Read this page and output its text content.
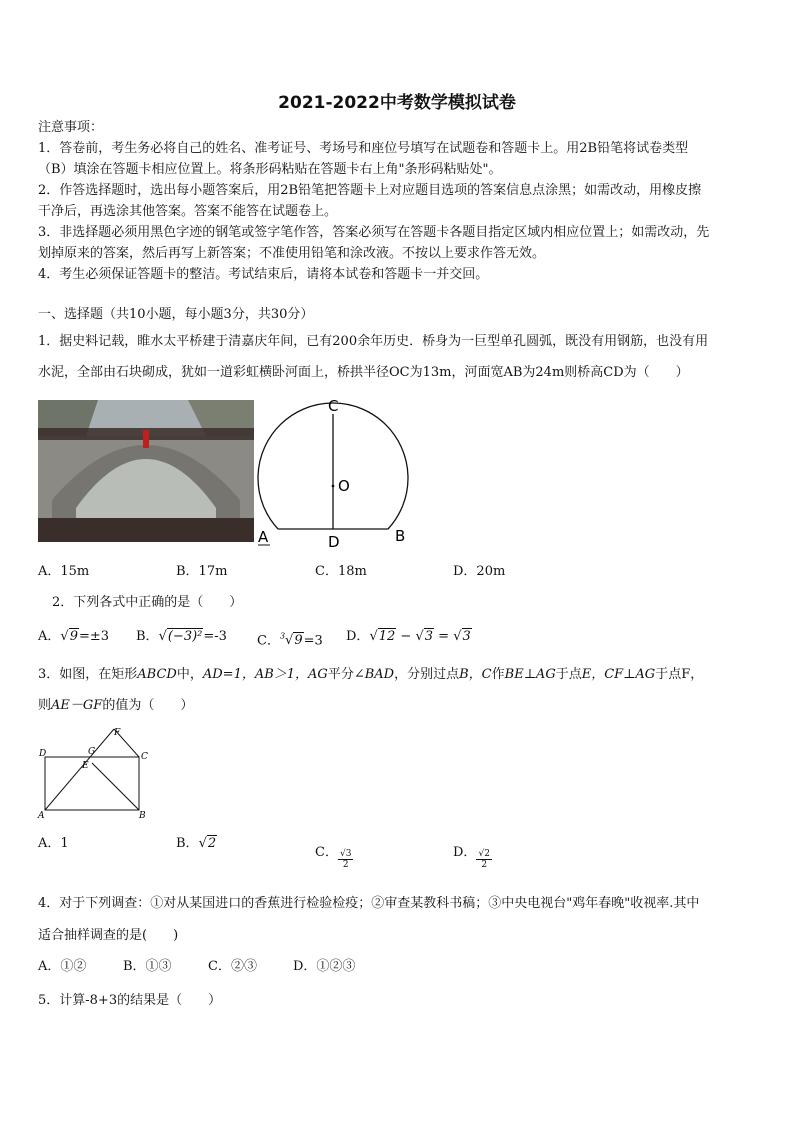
2021-2022中考数学模拟试卷
注意事项：
1．答卷前，考生务必将自己的姓名、准考证号、考场号和座位号填写在试题卷和答题卡上。用2B铅笔将试卷类型
（B）填涂在答题卡相应位置上。将条形码粘贴在答题卡右上角"条形码粘贴处"。
2．作答选择题时，选出每小题答案后，用2B铅笔把答题卡上对应题目选项的答案信息点涂黑；如需改动，用橡皮擦
干净后，再选涂其他答案。答案不能答在试题卷上。
3．非选择题必须用黑色字迹的钢笔或签字笔作答，答案必须写在答题卡各题目指定区域内相应位置上；如需改动，先
划掉原来的答案，然后再写上新答案；不准使用铅笔和涂改液。不按以上要求作答无效。
4．考生必须保证答题卡的整洁。考试结束后，请将本试卷和答题卡一并交回。
一、选择题（共10小题，每小题3分，共30分）
1．据史料记载，睢水太平桥建于清嘉庆年间，已有200余年历史．桥身为一巨型单孔圆弧，既没有用钢筋，也没有用
水泥，全部由石块砌成，犹如一道彩虹横卧河面上，桥拱半径OC为13m，河面宽AB为24m则桥高CD为（　　）
C
O
A	D	B
A．15m	B．17m	C．18m	D．20m
2．下列各式中正确的是（　　）
A．√9=±3 B．√(−3)²=-3 C．$^3$√9=3 D．√12 − √3 = √3
3．如图，在矩形ABCD中，AD=1，AB＞1，AG平分∠BAD，分别过点B，C作BE⊥AG于点E，CF⊥AG于点F，
则AE－GF的值为（　　）
D	G
F
C
E
A	B
A．1	B．√2
C． $\frac{√3}{2}$	D． $\frac{√2}{2}$
4．对于下列调查：①对从某国进口的香蕉进行检验检疫；②审查某教科书稿；③中央电视台"鸡年春晚"收视率.其中
适合抽样调查的是(　　)
A．①②	B．①③	C．②③	D．①②③
5．计算-8+3的结果是（　　）
